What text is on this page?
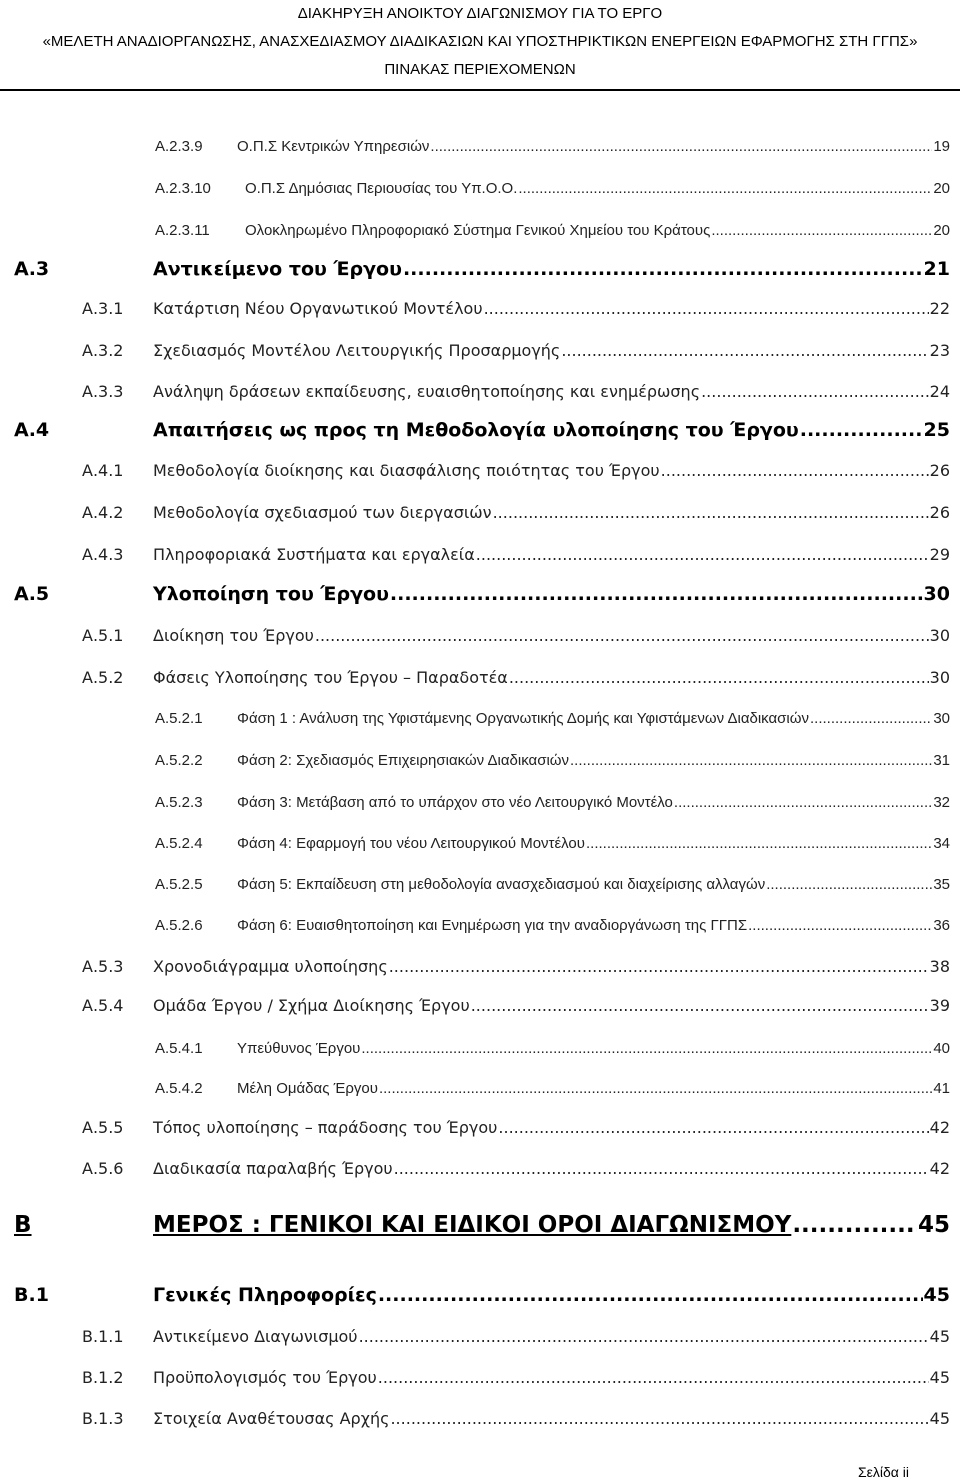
ΔΙΑΚΗΡΥΞΗ ΑΝΟΙΚΤΟΥ ΔΙΑΓΩΝΙΣΜΟΥ ΓΙΑ ΤΟ ΕΡΓΟ
«ΜΕΛΕΤΗ ΑΝΑΔΙΟΡΓΑΝΩΣΗΣ, ΑΝΑΣΧΕΔΙΑΣΜΟΥ ΔΙΑΔΙΚΑΣΙΩΝ ΚΑΙ ΥΠΟΣΤΗΡΙΚΤΙΚΩΝ ΕΝΕΡΓΕΙΩΝ ΕΦΑΡΜΟΓΗΣ ΣΤΗ ΓΓΠΣ»
ΠΙΝΑΚΑΣ ΠΕΡΙΕΧΟΜΕΝΩΝ
Α.2.3.9	Ο.Π.Σ Κεντρικών Υπηρεσιών .....	19
Α.2.3.10	Ο.Π.Σ Δημόσιας Περιουσίας του Υπ.Ο.Ο. .....	20
Α.2.3.11	Ολοκληρωμένο Πληροφοριακό Σύστημα Γενικού Χημείου του Κράτους .....	20
Α.3	Αντικείμενο του Έργου .....	21
Α.3.1	Κατάρτιση Νέου Οργανωτικού Μοντέλου .....	22
Α.3.2	Σχεδιασμός Μοντέλου Λειτουργικής Προσαρμογής .....	23
Α.3.3	Ανάληψη δράσεων εκπαίδευσης, ευαισθητοποίησης και ενημέρωσης .....	24
Α.4	Απαιτήσεις ως προς τη Μεθοδολογία υλοποίησης του Έργου .....	25
Α.4.1	Μεθοδολογία διοίκησης και διασφάλισης ποιότητας του Έργου .....	26
Α.4.2	Μεθοδολογία σχεδιασμού των διεργασιών .....	26
Α.4.3	Πληροφοριακά Συστήματα και εργαλεία .....	29
Α.5	Υλοποίηση του Έργου .....	30
Α.5.1	Διοίκηση του Έργου .....	30
Α.5.2	Φάσεις Υλοποίησης του Έργου – Παραδοτέα .....	30
Α.5.2.1	Φάση 1 : Ανάλυση της Υφιστάμενης Οργανωτικής Δομής και Υφιστάμενων Διαδικασιών .....	30
Α.5.2.2	Φάση 2: Σχεδιασμός Επιχειρησιακών Διαδικασιών .....	31
Α.5.2.3	Φάση 3: Μετάβαση από το υπάρχον στο νέο Λειτουργικό Μοντέλο .....	32
Α.5.2.4	Φάση 4: Εφαρμογή του νέου Λειτουργικού Μοντέλου .....	34
Α.5.2.5	Φάση 5: Εκπαίδευση στη μεθοδολογία ανασχεδιασμού και διαχείρισης αλλαγών .....	35
Α.5.2.6	Φάση 6: Ευαισθητοποίηση και Ενημέρωση για την αναδιοργάνωση της ΓΓΠΣ .....	36
Α.5.3	Χρονοδιάγραμμα υλοποίησης .....	38
Α.5.4	Ομάδα Έργου / Σχήμα Διοίκησης Έργου .....	39
Α.5.4.1	Υπεύθυνος Έργου .....	40
Α.5.4.2	Μέλη Ομάδας Έργου .....	41
Α.5.5	Τόπος υλοποίησης – παράδοσης του Έργου .....	42
Α.5.6	Διαδικασία παραλαβής Έργου .....	42
Β	ΜΕΡΟΣ : ΓΕΝΙΚΟΙ ΚΑΙ ΕΙΔΙΚΟΙ ΟΡΟΙ ΔΙΑΓΩΝΙΣΜΟΥ .....	45
Β.1	Γενικές Πληροφορίες .....	45
Β.1.1	Αντικείμενο Διαγωνισμού .....	45
Β.1.2	Προϋπολογισμός του Έργου .....	45
Β.1.3	Στοιχεία Αναθέτουσας Αρχής .....	45
Σελίδα ii
